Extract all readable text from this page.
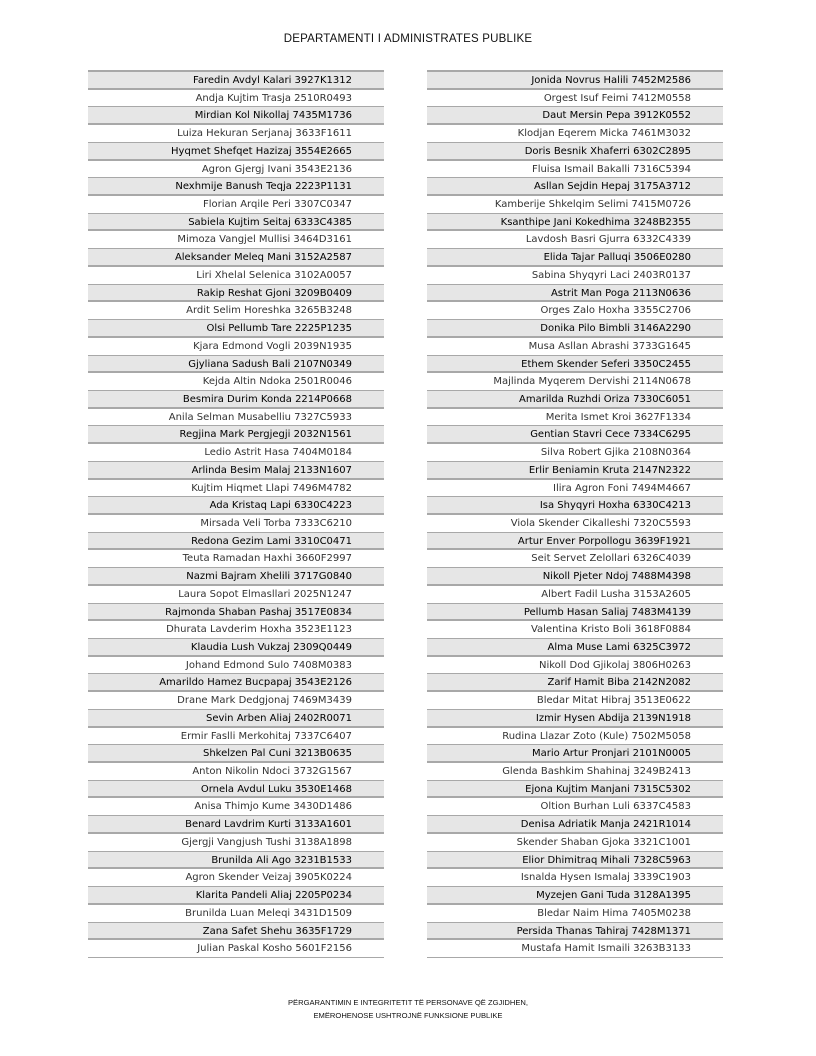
DEPARTAMENTI I ADMINISTRATES PUBLIKE
Faredin Avdyl Kalari 3927K1312
Andja Kujtim Trasja 2510R0493
Mirdian Kol Nikollaj 7435M1736
Luiza Hekuran Serjanaj 3633F1611
Hyqmet Shefqet Hazizaj 3554E2665
Agron Gjergj Ivani 3543E2136
Nexhmije Banush Teqja 2223P1131
Florian Arqile Peri 3307C0347
Sabiela Kujtim Seitaj 6333C4385
Mimoza Vangjel Mullisi 3464D3161
Aleksander Meleq Mani 3152A2587
Liri Xhelal Selenica 3102A0057
Rakip Reshat Gjoni 3209B0409
Ardit Selim Horeshka 3265B3248
Olsi Pellumb Tare 2225P1235
Kjara Edmond Vogli 2039N1935
Gjyliana Sadush Bali 2107N0349
Kejda Altin Ndoka 2501R0046
Besmira Durim Konda 2214P0668
Anila Selman Musabelliu 7327C5933
Regjina Mark Pergjegji 2032N1561
Ledio Astrit Hasa 7404M0184
Arlinda Besim Malaj 2133N1607
Kujtim Hiqmet Llapi 7496M4782
Ada Kristaq Lapi 6330C4223
Mirsada Veli Torba 7333C6210
Redona Gezim Lami 3310C0471
Teuta Ramadan Haxhi 3660F2997
Nazmi Bajram Xhelili 3717G0840
Laura Sopot Elmasllari 2025N1247
Rajmonda Shaban Pashaj 3517E0834
Dhurata Lavderim Hoxha 3523E1123
Klaudia Lush Vukzaj 2309Q0449
Johand Edmond Sulo 7408M0383
Amarildo Hamez Bucpapaj 3543E2126
Drane Mark Dedgjonaj 7469M3439
Sevin Arben Aliaj 2402R0071
Ermir Faslli Merkohitaj 7337C6407
Shkelzen Pal Cuni 3213B0635
Anton Nikolin Ndoci 3732G1567
Ornela Avdul Luku 3530E1468
Anisa Thimjo Kume 3430D1486
Benard Lavdrim Kurti 3133A1601
Gjergji Vangjush Tushi 3138A1898
Brunilda Ali Ago 3231B1533
Agron Skender Veizaj 3905K0224
Klarita Pandeli Aliaj 2205P0234
Brunilda Luan Meleqi 3431D1509
Zana Safet Shehu 3635F1729
Julian Paskal Kosho 5601F2156
Jonida Novrus Halili 7452M2586
Orgest Isuf Feimi 7412M0558
Daut Mersin Pepa 3912K0552
Klodjan Eqerem Micka 7461M3032
Doris Besnik Xhaferri 6302C2895
Fluisa Ismail Bakalli 7316C5394
Asllan Sejdin Hepaj 3175A3712
Kamberije Shkelqim Selimi 7415M0726
Ksanthipe Jani Kokedhima 3248B2355
Lavdosh Basri Gjurra 6332C4339
Elida Tajar Palluqi 3506E0280
Sabina Shyqyri Laci 2403R0137
Astrit Man Poga 2113N0636
Orges Zalo Hoxha 3355C2706
Donika Pilo Bimbli 3146A2290
Musa Asllan Abrashi 3733G1645
Ethem Skender Seferi 3350C2455
Majlinda Myqerem Dervishi 2114N0678
Amarilda Ruzhdi Oriza 7330C6051
Merita Ismet Kroi 3627F1334
Gentian Stavri Cece 7334C6295
Silva Robert Gjika 2108N0364
Erlir Beniamin Kruta 2147N2322
Ilira Agron Foni 7494M4667
Isa Shyqyri Hoxha 6330C4213
Viola Skender Cikalleshi 7320C5593
Artur Enver Porpollogu 3639F1921
Seit Servet Zelollari 6326C4039
Nikoll Pjeter Ndoj 7488M4398
Albert Fadil Lusha 3153A2605
Pellumb Hasan Saliaj 7483M4139
Valentina Kristo Boli 3618F0884
Alma Muse Lami 6325C3972
Nikoll Dod Gjikolaj 3806H0263
Zarif Hamit Biba 2142N2082
Bledar Mitat Hibraj 3513E0622
Izmir Hysen Abdija 2139N1918
Rudina Llazar Zoto (Kule) 7502M5058
Mario Artur Pronjari 2101N0005
Glenda Bashkim Shahinaj 3249B2413
Ejona Kujtim Manjani 7315C5302
Oltion Burhan Luli 6337C4583
Denisa Adriatik Manja 2421R1014
Skender Shaban Gjoka 3321C1001
Elior Dhimitraq Mihali 7328C5963
Isnalda Hysen Ismalaj 3339C1903
Myzejen Gani Tuda 3128A1395
Bledar Naim Hima 7405M0238
Persida Thanas Tahiraj 7428M1371
Mustafa Hamit Ismaili 3263B3133
PËRGARANTIMIN E INTEGRITETIT TË PERSONAVE QË ZGJIDHEN,
EMËROHENOSE USHTROJNË FUNKSIONE PUBLIKE
